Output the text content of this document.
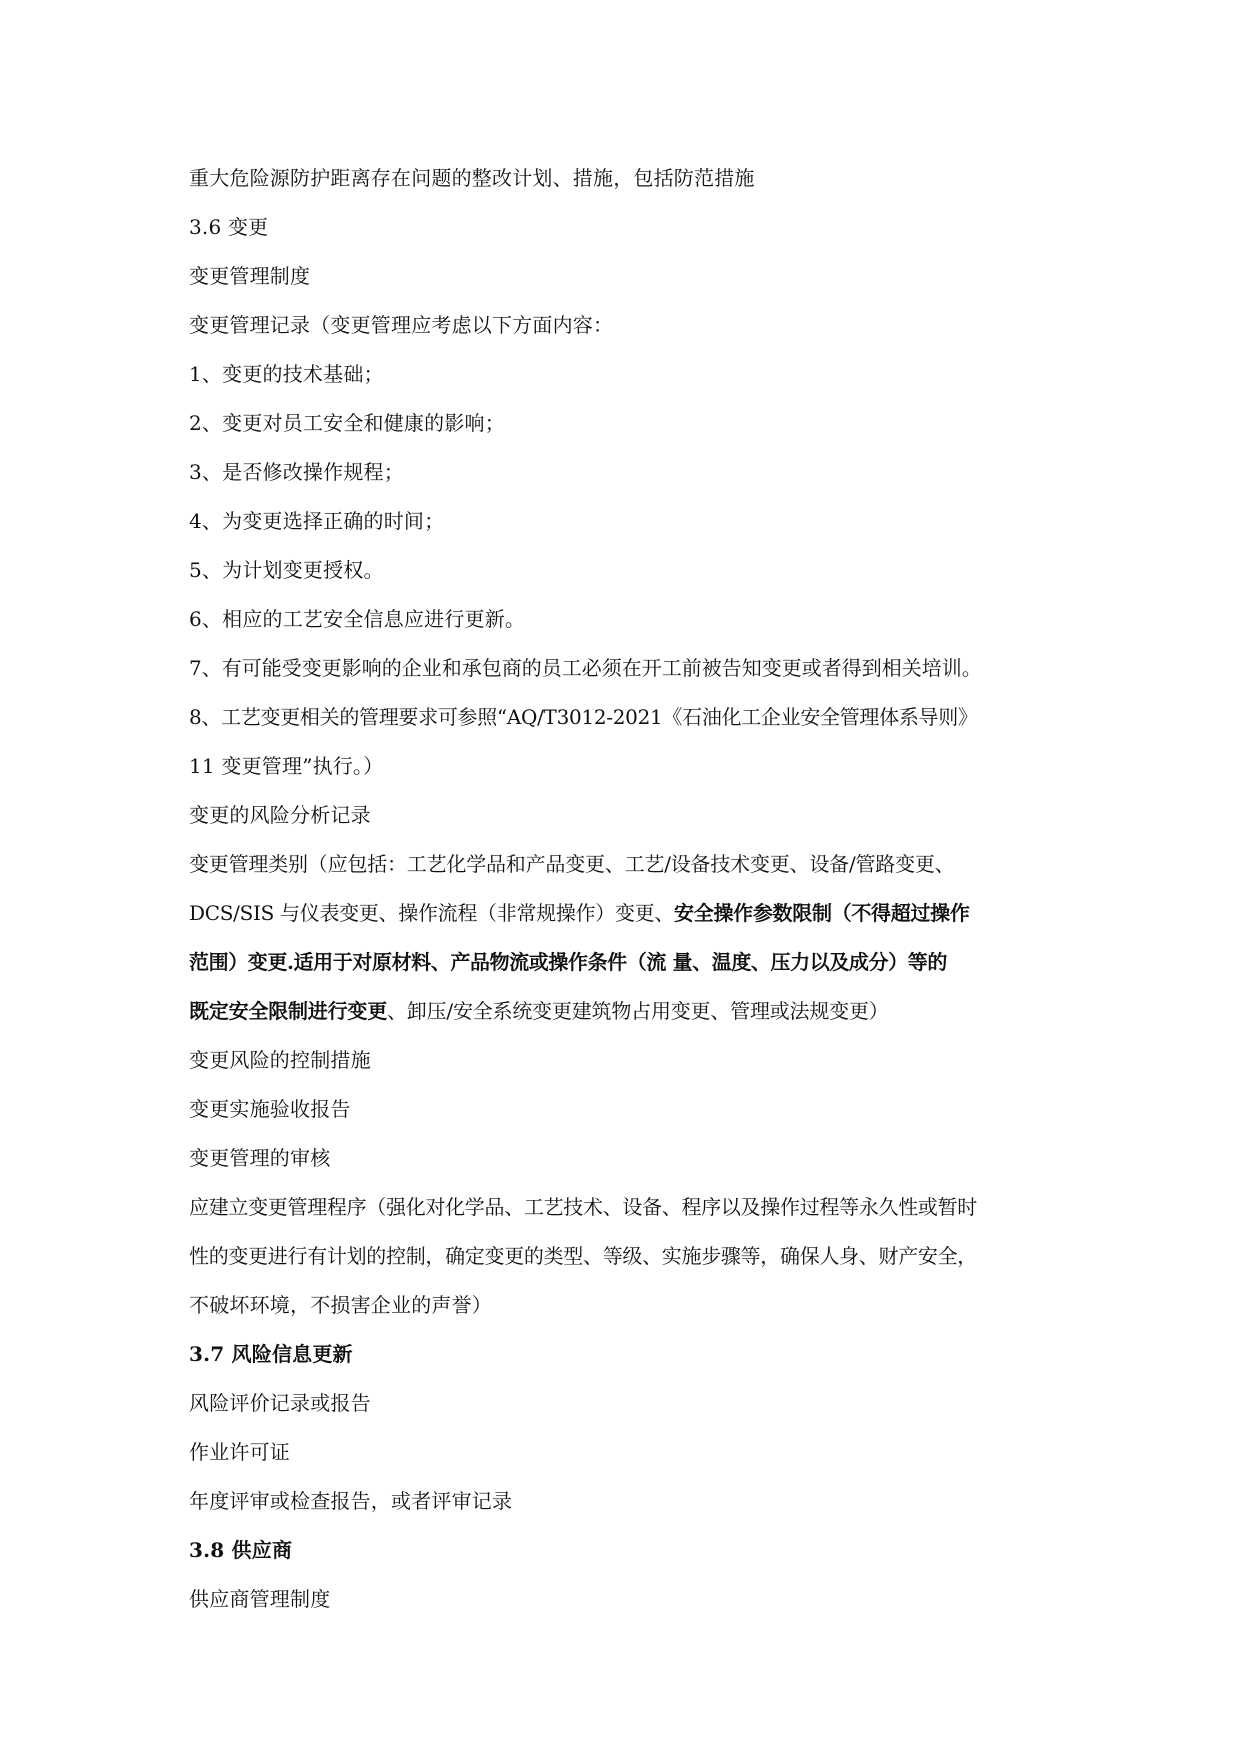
重大危险源防护距离存在问题的整改计划、措施，包括防范措施
3.6 变更
变更管理制度
变更管理记录（变更管理应考虑以下方面内容：
1、变更的技术基础；
2、变更对员工安全和健康的影响；
3、是否修改操作规程；
4、为变更选择正确的时间；
5、为计划变更授权。
6、相应的工艺安全信息应进行更新。
7、有可能受变更影响的企业和承包商的员工必须在开工前被告知变更或者得到相关培训。
8、工艺变更相关的管理要求可参照“AQ/T3012-2021《石油化工企业安全管理体系导则》
11 变更管理”执行。）
变更的风险分析记录
变更管理类别（应包括：工艺化学品和产品变更、工艺/设备技术变更、设备/管路变更、
DCS/SIS 与仪表变更、操作流程（非常规操作）变更、安全操作参数限制（不得超过操作
范围）变更.适用于对原材料、产品物流或操作条件（流 量、温度、压力以及成分）等的
既定安全限制进行变更、卸压/安全系统变更建筑物占用变更、管理或法规变更）
变更风险的控制措施
变更实施验收报告
变更管理的审核
应建立变更管理程序（强化对化学品、工艺技术、设备、程序以及操作过程等永久性或暂时
性的变更进行有计划的控制，确定变更的类型、等级、实施步骤等，确保人身、财产安全，
不破坏环境，不损害企业的声誉）
3.7 风险信息更新
风险评价记录或报告
作业许可证
年度评审或检查报告，或者评审记录
3.8 供应商
供应商管理制度
